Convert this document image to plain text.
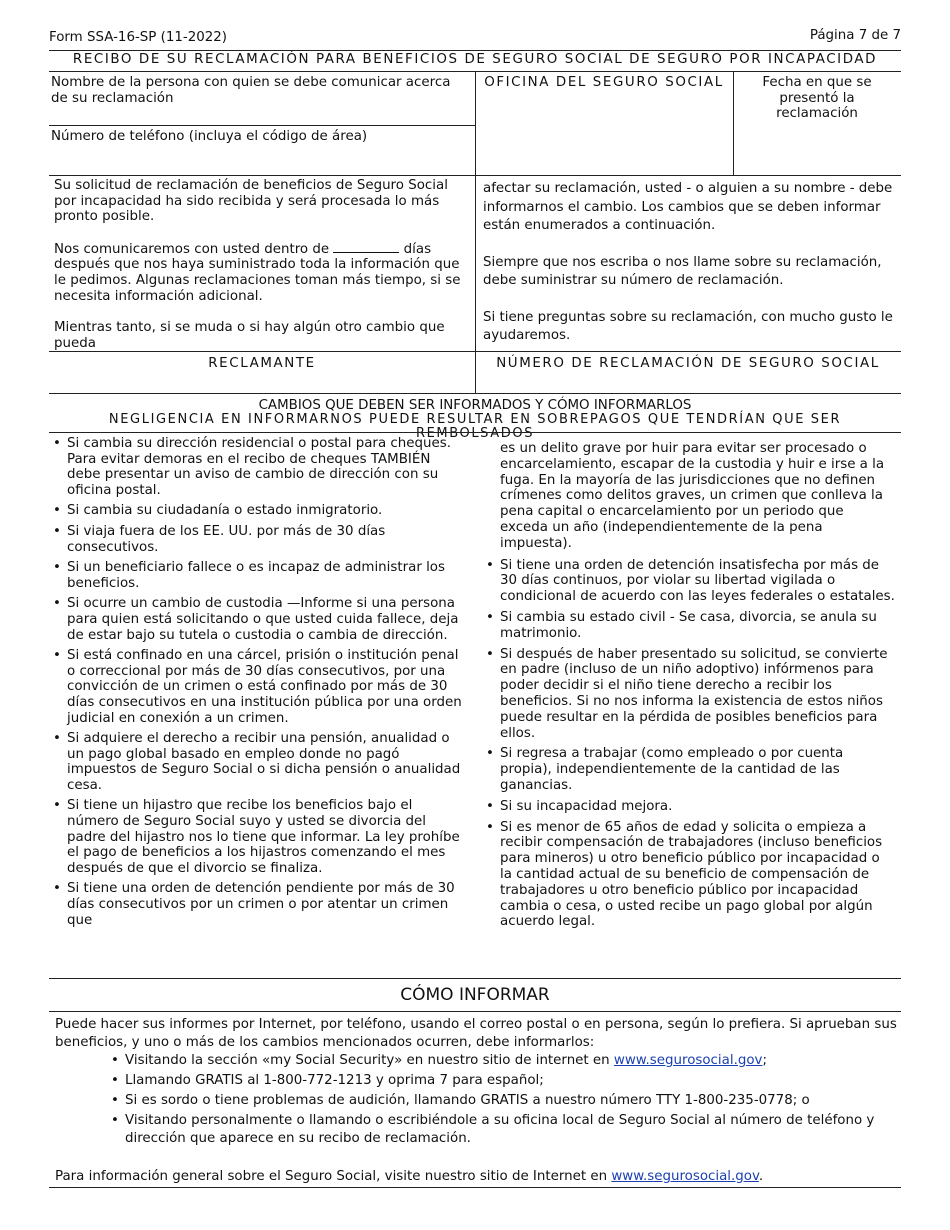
Form SSA-16-SP (11-2022)	Página 7 de 7
RECIBO DE SU RECLAMACIÓN PARA BENEFICIOS DE SEGURO SOCIAL DE SEGURO POR INCAPACIDAD
Nombre de la persona con quien se debe comunicar acerca de su reclamación
Número de teléfono (incluya el código de área)
OFICINA DEL SEGURO SOCIAL	Fecha en que se presentó la reclamación

Su solicitud de reclamación de beneficios de Seguro Social por incapacidad ha sido recibida y será procesada lo más pronto posible.

Nos comunicaremos con usted dentro de	días después que nos haya suministrado toda la información que le pedimos. Algunas reclamaciones toman más tiempo, si se necesita información adicional.

Mientras tanto, si se muda o si hay algún otro cambio que pueda

afectar su reclamación, usted - o alguien a su nombre - debe informarnos el cambio. Los cambios que se deben informar están enumerados a continuación.

Siempre que nos escriba o nos llame sobre su reclamación, debe suministrar su número de reclamación.

Si tiene preguntas sobre su reclamación, con mucho gusto le ayudaremos.

RECLAMANTE	NÚMERO DE RECLAMACIÓN DE SEGURO SOCIAL
CAMBIOS QUE DEBEN SER INFORMADOS Y CÓMO INFORMARLOS
NEGLIGENCIA EN INFORMARNOS PUEDE RESULTAR EN SOBREPAGOS QUE TENDRÍAN QUE SER REMBOLSADOS
• Si cambia su dirección residencial o postal para cheques. Para evitar demoras en el recibo de cheques TAMBIÉN debe presentar un aviso de cambio de dirección con su oficina postal.
• Si cambia su ciudadanía o estado inmigratorio.
• Si viaja fuera de los EE. UU. por más de 30 días consecutivos.
• Si un beneficiario fallece o es incapaz de administrar los beneficios.
• Si ocurre un cambio de custodia —Informe si una persona para quien está solicitando o que usted cuida fallece, deja de estar bajo su tutela o custodia o cambia de dirección.
• Si está confinado en una cárcel, prisión o institución penal o correccional por más de 30 días consecutivos, por una convicción de un crimen o está confinado por más de 30 días consecutivos en una institución pública por una orden judicial en conexión a un crimen.
• Si adquiere el derecho a recibir una pensión, anualidad o un pago global basado en empleo donde no pagó impuestos de Seguro Social o si dicha pensión o anualidad cesa.
• Si tiene un hijastro que recibe los beneficios bajo el número de Seguro Social suyo y usted se divorcia del padre del hijastro nos lo tiene que informar. La ley prohíbe el pago de beneficios a los hijastros comenzando el mes después de que el divorcio se finaliza.
• Si tiene una orden de detención pendiente por más de 30 días consecutivos por un crimen o por atentar un crimen que

es un delito grave por huir para evitar ser procesado o encarcelamiento, escapar de la custodia y huir e irse a la fuga. En la mayoría de las jurisdicciones que no definen crímenes como delitos graves, un crimen que conlleva la pena capital o encarcelamiento por un periodo que exceda un año (independientemente de la pena impuesta).

• Si tiene una orden de detención insatisfecha por más de 30 días continuos, por violar su libertad vigilada o condicional de acuerdo con las leyes federales o estatales.
• Si cambia su estado civil - Se casa, divorcia, se anula su matrimonio.
• Si después de haber presentado su solicitud, se convierte en padre (incluso de un niño adoptivo) infórmenos para poder decidir si el niño tiene derecho a recibir los beneficios. Si no nos informa la existencia de estos niños puede resultar en la pérdida de posibles beneficios para ellos.
• Si regresa a trabajar (como empleado o por cuenta propia), independientemente de la cantidad de las ganancias.
• Si su incapacidad mejora.
• Si es menor de 65 años de edad y solicita o empieza a recibir compensación de trabajadores (incluso beneficios para mineros) u otro beneficio público por incapacidad o la cantidad actual de su beneficio de compensación de trabajadores u otro beneficio público por incapacidad cambia o cesa, o usted recibe un pago global por algún acuerdo legal.
CÓMO INFORMAR

Puede hacer sus informes por Internet, por teléfono, usando el correo postal o en persona, según lo prefiera. Si aprueban sus beneficios, y uno o más de los cambios mencionados ocurren, debe informarlos:

• Visitando la sección «my Social Security» en nuestro sitio de internet en www.segurosocial.gov;
• Llamando GRATIS al 1-800-772-1213 y oprima 7 para español;
• Si es sordo o tiene problemas de audición, llamando GRATIS a nuestro número TTY 1-800-235-0778; o
• Visitando personalmente o llamando o escribiéndole a su oficina local de Seguro Social al número de teléfono y dirección que aparece en su recibo de reclamación.

Para información general sobre el Seguro Social, visite nuestro sitio de Internet en www.segurosocial.gov.
